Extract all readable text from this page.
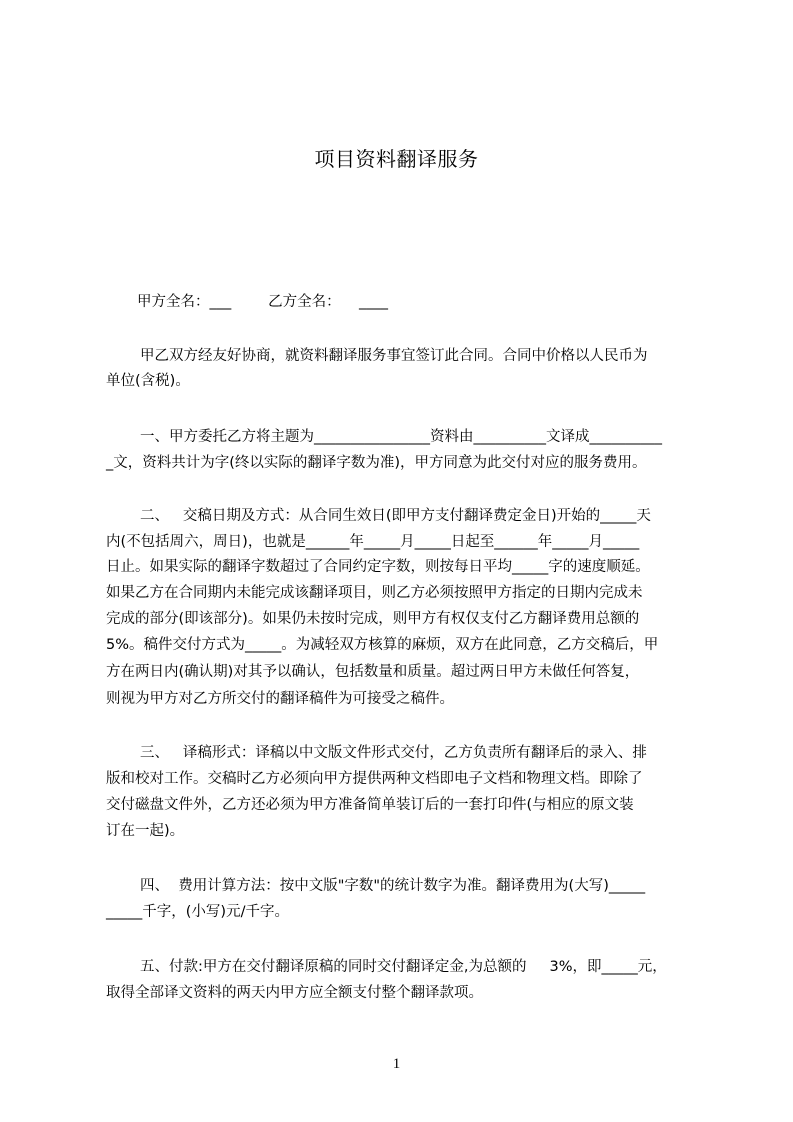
项目资料翻译服务
甲方全名：___        乙方全名：    ____
甲乙双方经友好协商，就资料翻译服务事宜签订此合同。合同中价格以人民币为
单位(含税)。
一、甲方委托乙方将主题为________________资料由__________文译成__________
_文，资料共计为字(终以实际的翻译字数为准)，甲方同意为此交付对应的服务费用。
二、   交稿日期及方式：从合同生效日(即甲方支付翻译费定金日)开始的_____天
内(不包括周六，周日)，也就是______年_____月_____日起至______年_____月_____
日止。如果实际的翻译字数超过了合同约定字数，则按每日平均_____字的速度顺延。
如果乙方在合同期内未能完成该翻译项目，则乙方必须按照甲方指定的日期内完成未
完成的部分(即该部分)。如果仍未按时完成，则甲方有权仅支付乙方翻译费用总额的
5%。稿件交付方式为_____。为减轻双方核算的麻烦，双方在此同意，乙方交稿后，甲
方在两日内(确认期)对其予以确认，包括数量和质量。超过两日甲方未做任何答复，
则视为甲方对乙方所交付的翻译稿件为可接受之稿件。
三、   译稿形式：译稿以中文版文件形式交付，乙方负责所有翻译后的录入、排
版和校对工作。交稿时乙方必须向甲方提供两种文档即电子文档和物理文档。即除了
交付磁盘文件外，乙方还必须为甲方准备简单装订后的一套打印件(与相应的原文装
订在一起)。
四、  费用计算方法：按中文版"字数"的统计数字为准。翻译费用为(大写)_____
_____千字，(小写)元/千字。
五、付款:甲方在交付翻译原稿的同时交付翻译定金,为总额的     3%，即_____元，
取得全部译文资料的两天内甲方应全额支付整个翻译款项。
1
